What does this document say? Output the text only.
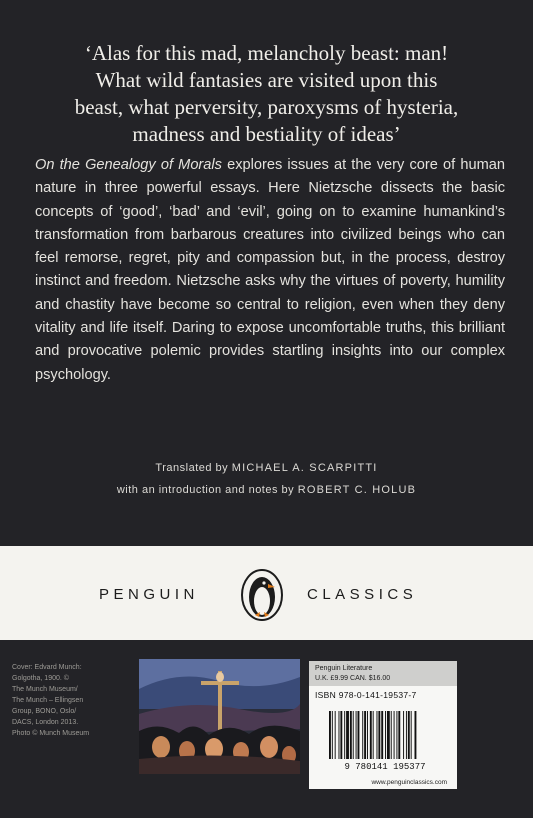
‘Alas for this mad, melancholy beast: man!
What wild fantasies are visited upon this
beast, what perversity, paroxysms of hysteria,
madness and bestiality of ideas’
On the Genealogy of Morals explores issues at the very core of human nature in three powerful essays. Here Nietzsche dissects the basic concepts of ‘good’, ‘bad’ and ‘evil’, going on to examine humankind’s transformation from barbarous creatures into civilized beings who can feel remorse, regret, pity and compassion but, in the process, destroy instinct and freedom. Nietzsche asks why the virtues of poverty, humility and chastity have become so central to religion, even when they deny vitality and life itself. Daring to expose uncomfortable truths, this brilliant and provocative polemic provides startling insights into our complex psychology.
Translated by MICHAEL A. SCARPITTI
with an introduction and notes by ROBERT C. HOLUB
PENGUIN	CLASSICS
Cover: Edvard Munch:
Golgotha, 1900. ©
The Munch Museum/
The Munch – Ellingsen
Group, BONO, Oslo/
DACS, London 2013.
Photo © Munch Museum
Penguin Literature
U.K. £9.99 CAN. $16.00
ISBN 978-0-141-19537-7
9 780141 195377
www.penguinclassics.com
